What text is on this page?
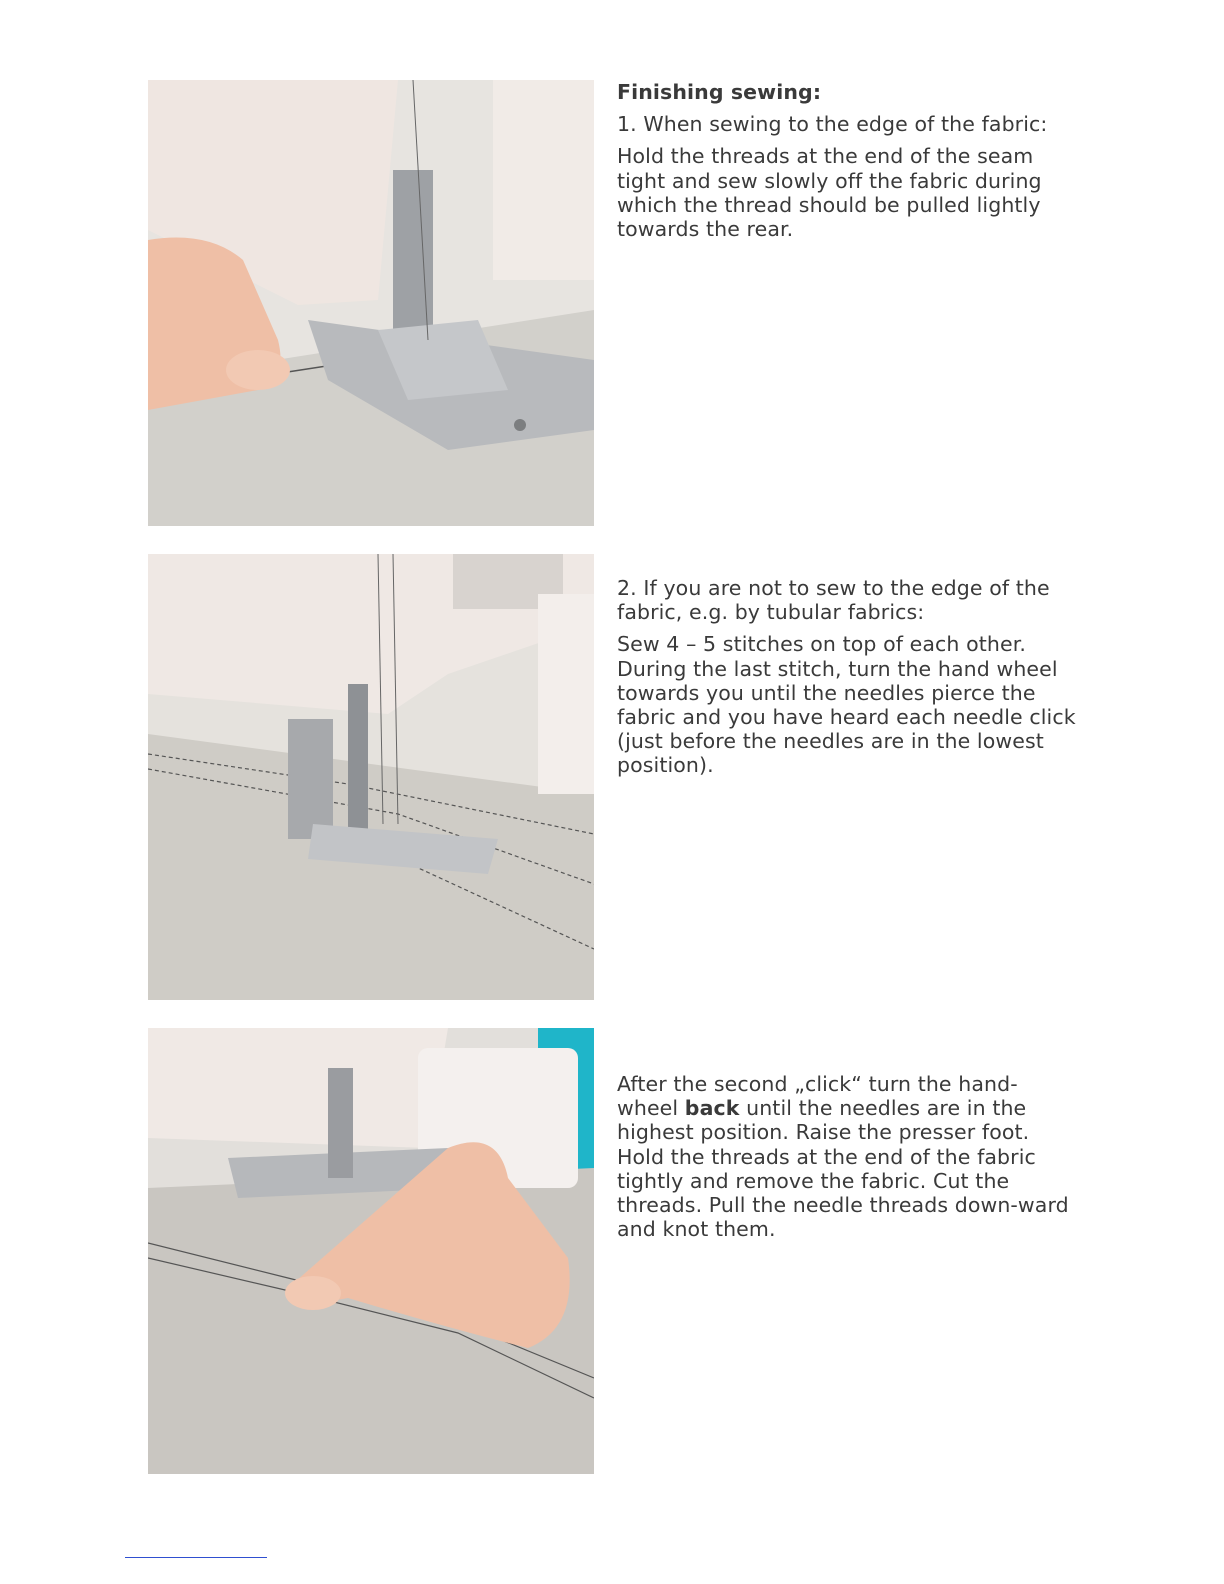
Finishing sewing:

1. When sewing to the edge of the fabric:

Hold the threads at the end of the seam tight and sew slowly off the fabric during which the thread should be pulled lightly towards the rear.

2. If you are not to sew to the edge of the fabric, e.g. by tubular fabrics:

Sew 4 – 5 stitches on top of each other. During the last stitch, turn the hand wheel towards you until the needles pierce the fabric and you have heard each needle click (just before the needles are in the lowest position).

After the second „click“ turn the hand-wheel back until the needles are in the highest position. Raise the presser foot. Hold the threads at the end of the fabric tightly and remove the fabric. Cut the threads. Pull the needle threads down-ward and knot them.
